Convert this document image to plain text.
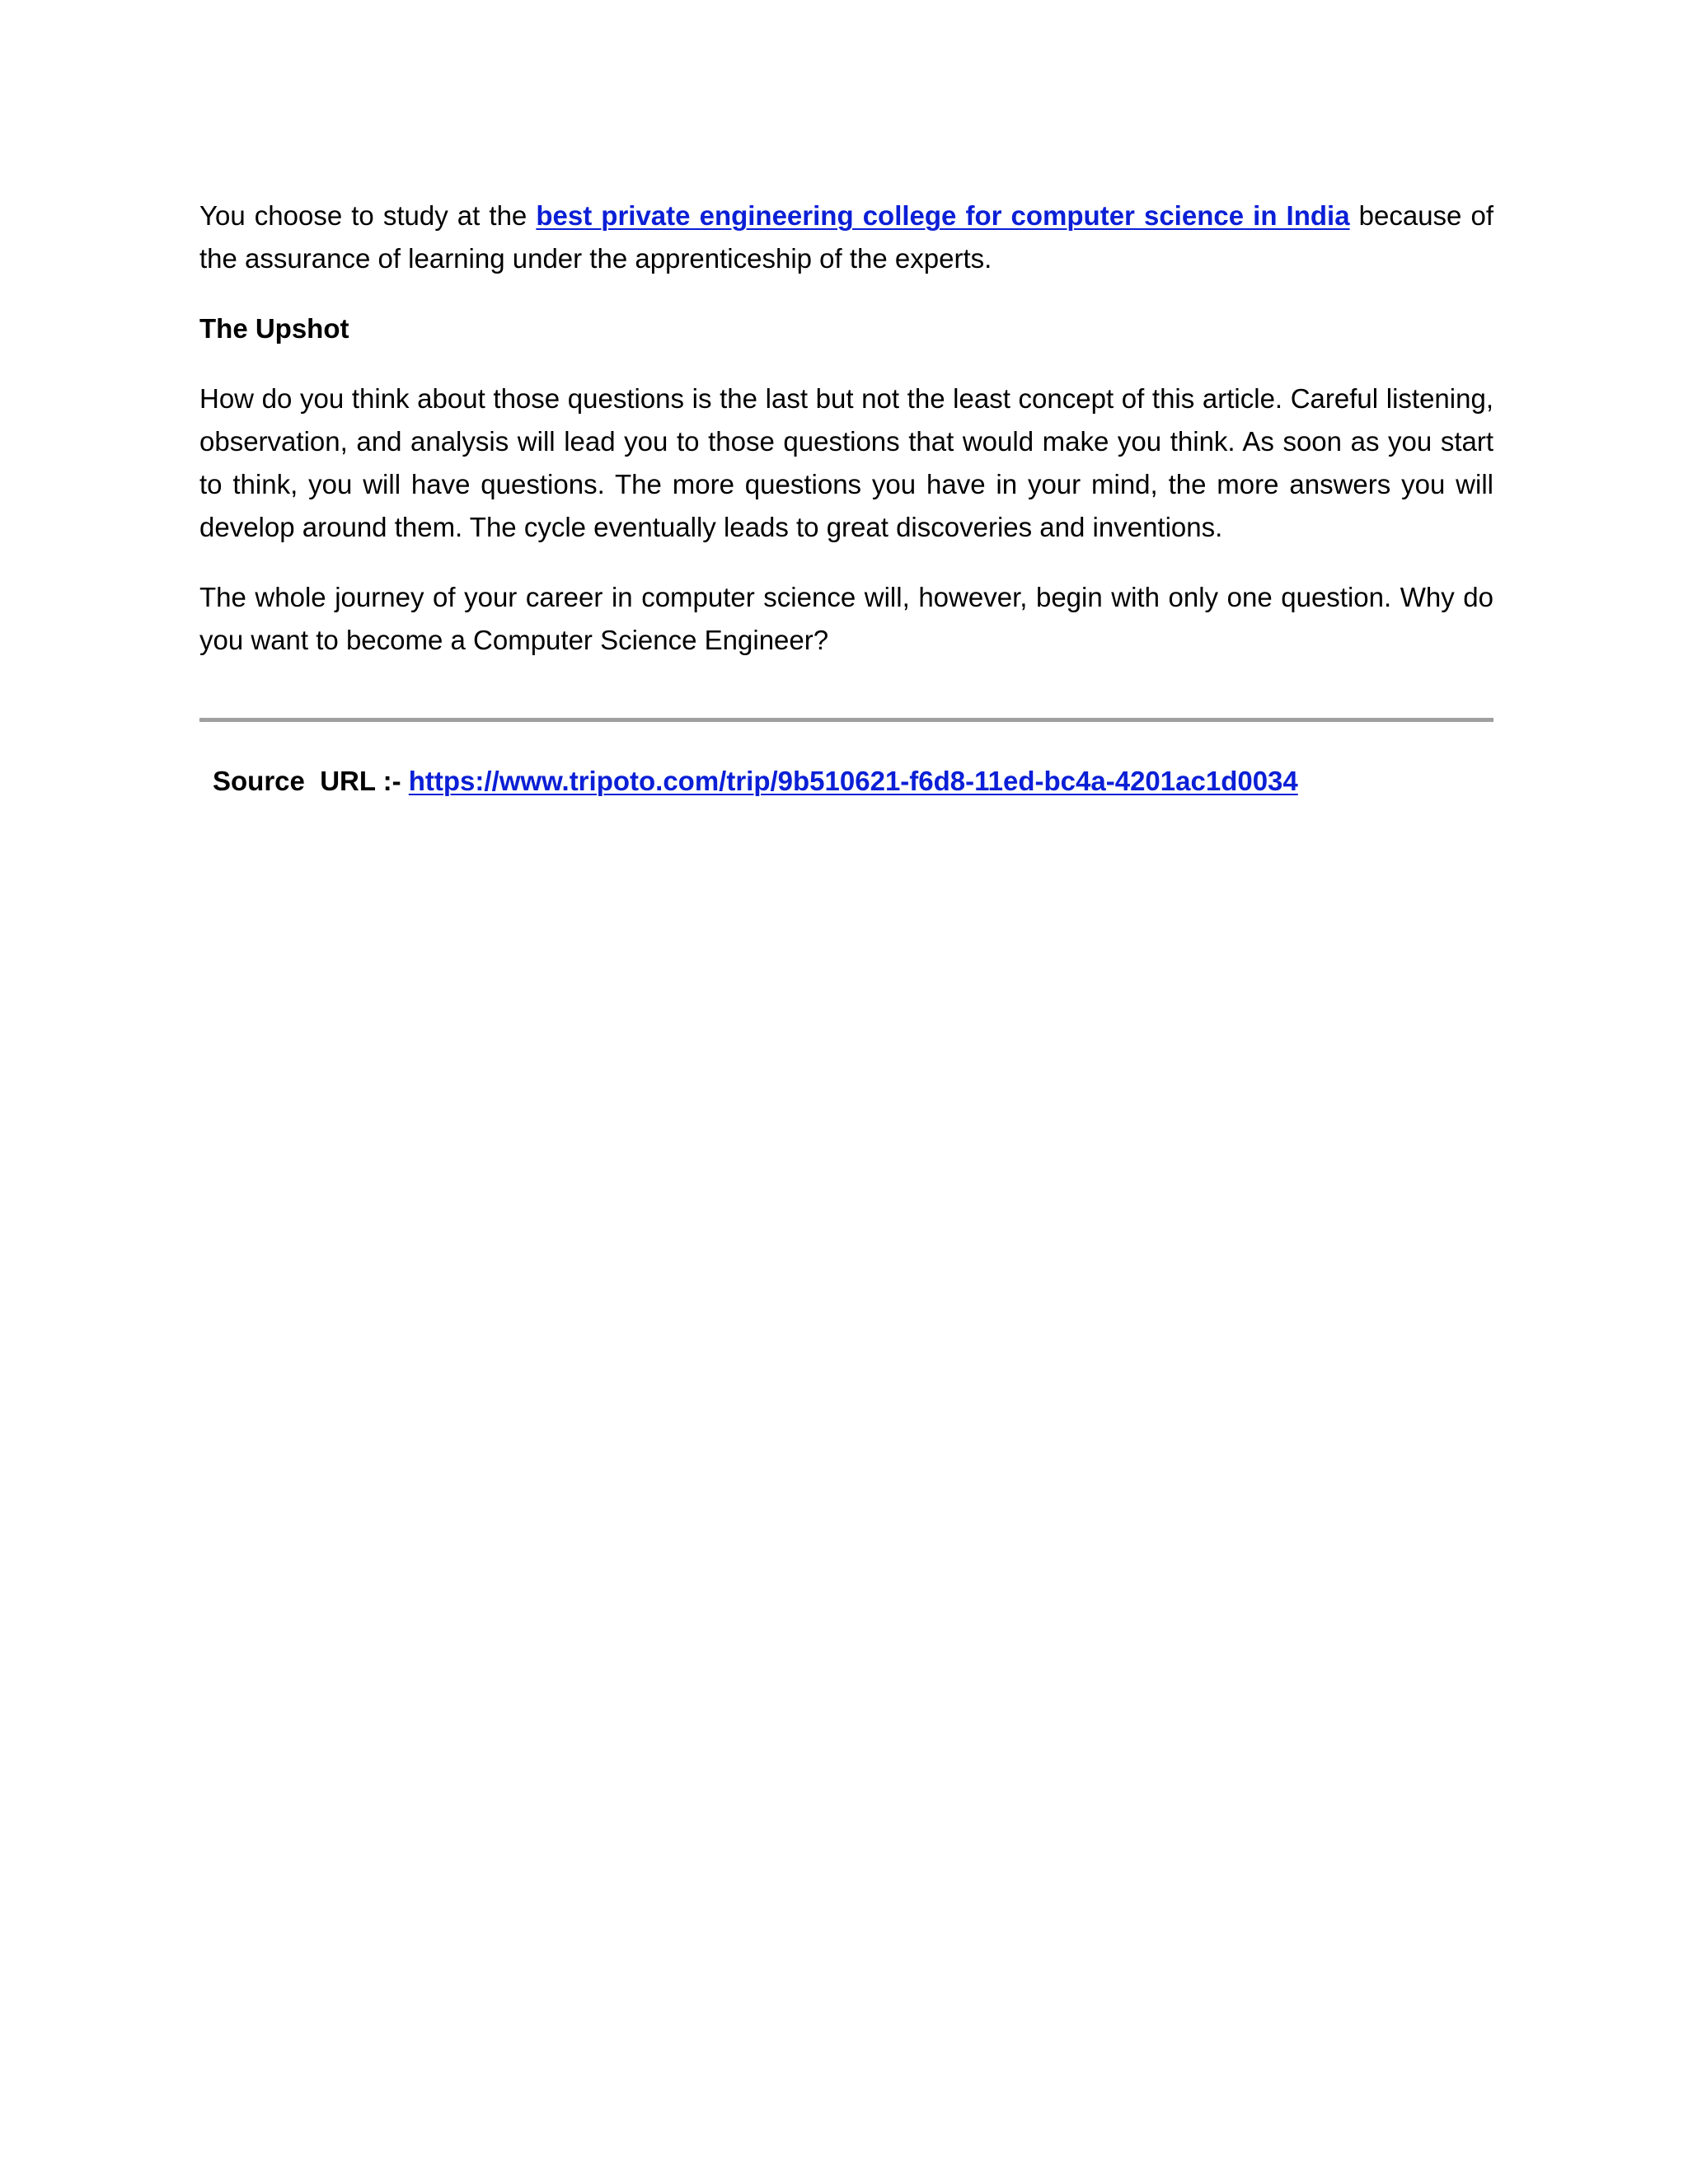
You choose to study at the best private engineering college for computer science in India because of the assurance of learning under the apprenticeship of the experts.

The Upshot

How do you think about those questions is the last but not the least concept of this article. Careful listening, observation, and analysis will lead you to those questions that would make you think. As soon as you start to think, you will have questions. The more questions you have in your mind, the more answers you will develop around them. The cycle eventually leads to great discoveries and inventions.

The whole journey of your career in computer science will, however, begin with only one question. Why do you want to become a Computer Science Engineer?

Source  URL :- https://www.tripoto.com/trip/9b510621-f6d8-11ed-bc4a-4201ac1d0034
